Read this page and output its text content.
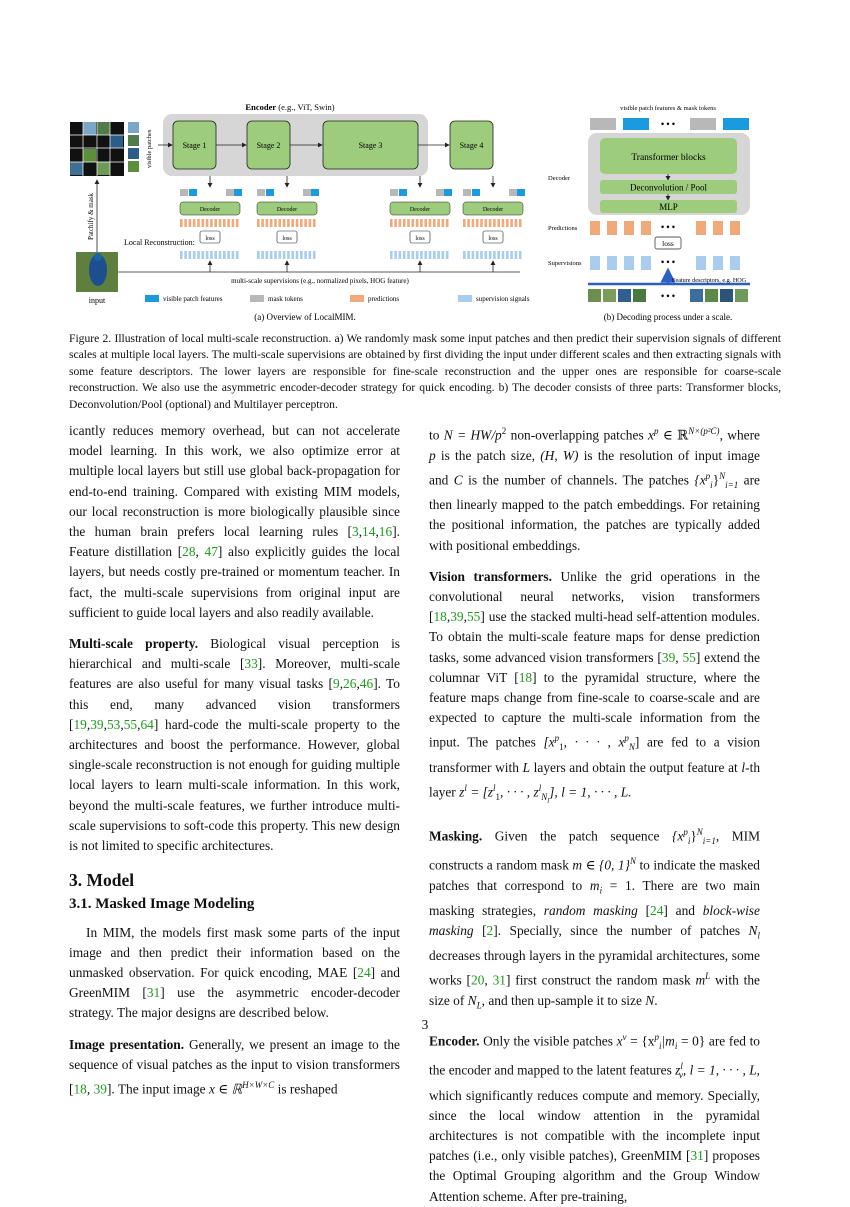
Encoder (e.g., ViT, Swin)
Stage 1	Stage 2	Stage 3	Stage 4
visible patches
Patchify & mask
input
Decoder
loss
Decoder
loss
Decoder
loss
Decoder
loss
Local Reconstruction:
multi-scale supervisions (e.g., normalized pixels, HOG feature)
visible patch features	mask tokens	predictions	supervision signals
(a) Overview of LocalMIM.
visible patch features & mask tokens
• • •
Decoder
Transformer blocks
Deconvolution / Pool
MLP
Predictions	• • •
loss
Supervisions	• • •
Feature descriptors, e.g. HOG
• • •
(b) Decoding process under a scale.
Figure 2. Illustration of local multi-scale reconstruction. a) We randomly mask some input patches and then predict their supervision signals of different scales at multiple local layers. The multi-scale supervisions are obtained by first dividing the input under different scales and then extracting signals with some feature descriptors. The lower layers are responsible for fine-scale reconstruction and the upper ones are responsible for coarse-scale reconstruction. We also use the asymmetric encoder-decoder strategy for quick encoding. b) The decoder consists of three parts: Transformer blocks, Deconvolution/Pool (optional) and Multilayer perceptron.

icantly reduces memory overhead, but can not accelerate model learning. In this work, we also optimize error at multiple local layers but still use global back-propagation for end-to-end training. Compared with existing MIM models, our local reconstruction is more biologically plausible since the human brain prefers local learning rules [3,14,16]. Feature distillation [28, 47] also explicitly guides the local layers, but needs costly pre-trained or momentum teacher. In fact, the multi-scale supervisions from original input are sufficient to guide local layers and also readily available.

Multi-scale property. Biological visual perception is hierarchical and multi-scale [33]. Moreover, multi-scale features are also useful for many visual tasks [9,26,46]. To this end, many advanced vision transformers [19,39,53,55,64] hard-code the multi-scale property to the architectures and boost the performance. However, global single-scale reconstruction is not enough for guiding multiple local layers to learn multi-scale information. In this work, beyond the multi-scale features, we further introduce multi-scale supervisions to soft-code this property. This new design is not limited to specific architectures.

3. Model
3.1. Masked Image Modeling

In MIM, the models first mask some parts of the input image and then predict their information based on the unmasked observation. For quick encoding, MAE [24] and GreenMIM [31] use the asymmetric encoder-decoder strategy. The major designs are described below.

Image presentation. Generally, we present an image to the sequence of visual patches as the input to vision transformers [18, 39]. The input image x ∈ ℝ$^{H\times W\times C}$ is reshaped

to $N = HW/p^2$ non-overlapping patches $x^p$ ∈ ℝ$^{N\times(p^2C)}$, where p is the patch size, (H, W) is the resolution of input image and C is the number of channels. The patches $\{x^p_i\}^N_{i=1}$ are then linearly mapped to the patch embeddings. For retaining the positional information, the patches are typically added with positional embeddings.

Vision transformers. Unlike the grid operations in the convolutional neural networks, vision transformers [18,39,55] use the stacked multi-head self-attention modules. To obtain the multi-scale feature maps for dense prediction tasks, some advanced vision transformers [39, 55] extend the columnar ViT [18] to the pyramidal structure, where the feature maps change from fine-scale to coarse-scale and are expected to capture the multi-scale information from the input. The patches [$x^p_1$, · · · , $x^p_N$] are fed to a vision transformer with L layers and obtain the output feature at l-th layer $z^l = [z^l_1$, · · · , $z^l_{N_l}$], l = 1, · · · , L.

Masking. Given the patch sequence $\{x^p_i\}^N_{i=1}$, MIM constructs a random mask m ∈ {0, 1}$^N$ to indicate the masked patches that correspond to $m_i = 1$. There are two main masking strategies, random masking [24] and block-wise masking [2]. Specially, since the number of patches $N_l$ decreases through layers in the pyramidal architectures, some works [20, 31] first construct the random mask $m^L$ with the size of $N_L$, and then up-sample it to size N.

Encoder. Only the visible patches $x^v = \{x^p_i|m_i = 0\}$ are fed to the encoder and mapped to the latent features $z^l_v$, l = 1, · · · , L, which significantly reduces compute and memory. Specially, since the local window attention in the pyramidal architectures is not compatible with the incomplete input patches (i.e., only visible patches), GreenMIM [31] proposes the Optimal Grouping algorithm and the Group Window Attention scheme. After pre-training,

3
